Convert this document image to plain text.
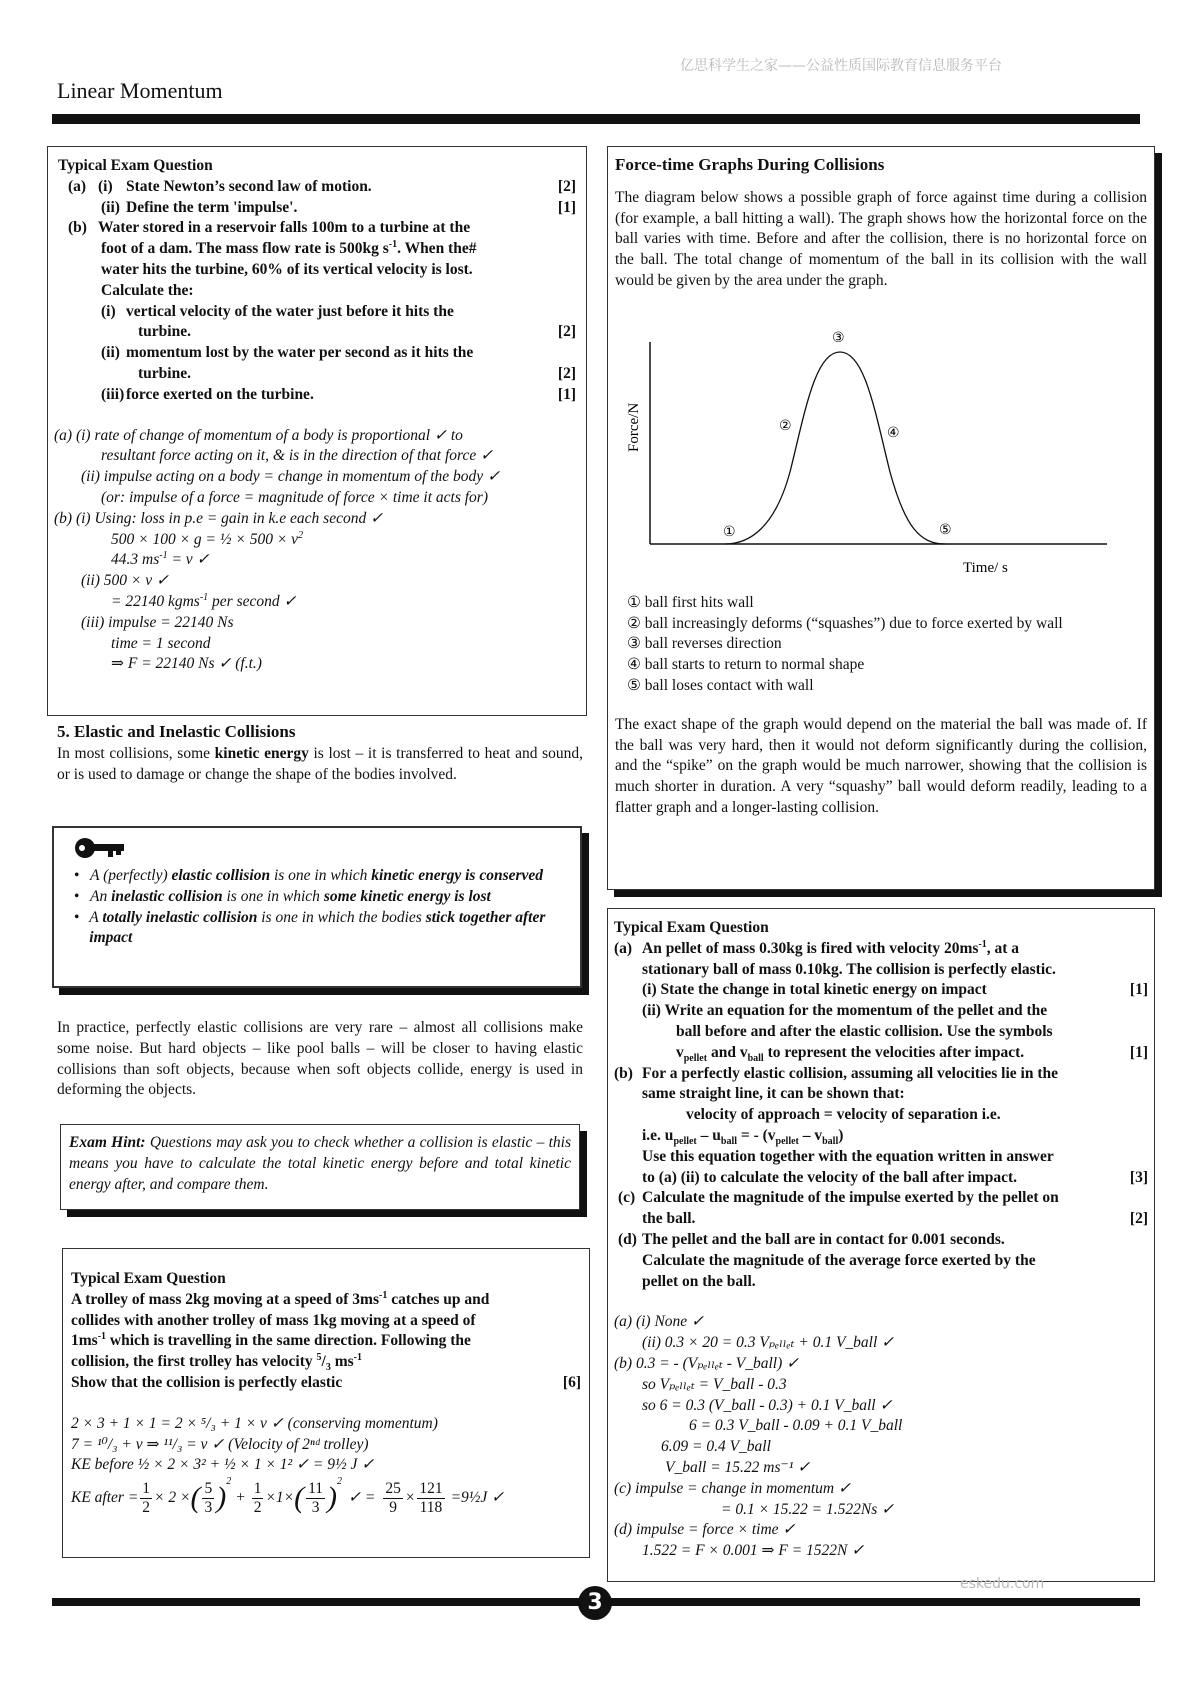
亿思科学生之家——公益性质国际教育信息服务平台
Linear Momentum
Typical Exam Question
(a) (i) State Newton’s second law of motion.	[2]
(ii) Define the term 'impulse'.	[1]
(b) Water stored in a reservoir falls 100m to a turbine at the
foot of a dam. The mass flow rate is 500kg $s^{-1}$. When the#
water hits the turbine, 60% of its vertical velocity is lost.
Calculate the:
(i) vertical velocity of the water just before it hits the
turbine.	[2]
(ii) momentum lost by the water per second as it hits the
turbine.	[2]
(iii) force exerted on the turbine.	[1]
(a) (i) rate of change of momentum of a body is proportional ✓ to
resultant force acting on it, & is in the direction of that force ✓
(ii) impulse acting on a body = change in momentum of the body ✓
(or: impulse of a force = magnitude of force × time it acts for)
(b) (i) Using: loss in p.e = gain in k.e each second ✓
500 × 100 × g = ½ × $500 \times v^2$
44.3 $ms^{-1} = v$ ✓
(ii) 500 × v ✓
= 22140 kgms$^{-1}$ per second ✓
(iii) impulse = 22140 Ns
time = 1 second
⇒ F = 22140 Ns ✓ (f.t.)
5. Elastic and Inelastic Collisions
In most collisions, some kinetic energy is lost – it is transferred to heat and sound, or is used to damage or change the shape of the bodies involved.
• A (perfectly) elastic collision is one in which kinetic energy is conserved
• An inelastic collision is one in which some kinetic energy is lost
• A totally inelastic collision is one in which the bodies stick together after impact
In practice, perfectly elastic collisions are very rare – almost all collisions make some noise. But hard objects – like pool balls – will be closer to having elastic collisions than soft objects, because when soft objects collide, energy is used in deforming the objects.
Exam Hint: Questions may ask you to check whether a collision is elastic – this means you have to calculate the total kinetic energy before and total kinetic energy after, and compare them.
Typical Exam Question
A trolley of mass 2kg moving at a speed of $3ms^{-1}$ catches up and
collides with another trolley of mass 1kg moving at a speed of
$1ms^{-1}$ which is travelling in the same direction. Following the
collision, the first trolley has velocity $^5/_3$ $ms^{-1}$
Show that the collision is perfectly elastic	[6]
2 × 3 + 1 × 1 = 2 × ⁵/₃ + 1 × v ✓ (conserving momentum)
7 = ¹⁰/₃ + v ⇒ ¹¹/₃ = v ✓ (Velocity of 2ⁿᵈ trolley)
KE before ½ × 2 × 3² + ½ × 1 × 1² ✓ = 9½ J ✓
KE after = $\frac{1}{2} \times 2$ × ( $\frac{5}{3}$ ) 2
+ $\frac{1}{2} \times 1\times$ ( $\frac{11}{3}$ ) 2
✓ = $\frac{25}{9} \times \frac{121}{118}$ =9½J ✓
Force-time Graphs During Collisions
The diagram below shows a possible graph of force against time during a collision (for example, a ball hitting a wall). The graph shows how the horizontal force on the ball varies with time. Before and after the collision, there is no horizontal force on the ball. The total change of momentum of the ball in its collision with the wall would be given by the area under the graph.
Force/N
Time/ s
①
②
③
④
⑤
① ball first hits wall
② ball increasingly deforms (“squashes”) due to force exerted by wall
③ ball reverses direction
④ ball starts to return to normal shape
⑤ ball loses contact with wall
The exact shape of the graph would depend on the material the ball was made of. If the ball was very hard, then it would not deform significantly during the collision, and the “spike” on the graph would be much narrower, showing that the collision is much shorter in duration. A very “squashy” ball would deform readily, leading to a flatter graph and a longer-lasting collision.
Typical Exam Question
(a) An pellet of mass 0.30kg is fired with velocity $20ms^{-1}$, at a
stationary ball of mass 0.10kg. The collision is perfectly elastic.
(i) State the change in total kinetic energy on impact	[1]
(ii) Write an equation for the momentum of the pellet and the
ball before and after the elastic collision. Use the symbols
$v_{pellet}$ and $v_{ball}$ to represent the velocities after impact.	[1]
(b) For a perfectly elastic collision, assuming all velocities lie in the
same straight line, it can be shown that:
velocity of approach = velocity of separation i.e.
i.e. $u_{pellet} - u_{ball}$ = - $(v_{pellet} - v_{ball})$
Use this equation together with the equation written in answer
to (a) (ii) to calculate the velocity of the ball after impact.	[3]
(c) Calculate the magnitude of the impulse exerted by the pellet on
the ball.	[2]
(d) The pellet and the ball are in contact for 0.001 seconds.
Calculate the magnitude of the average force exerted by the
pellet on the ball.
(a) (i) None ✓
(ii) 0.3 × 20 = 0.3 Vₚₑₗₗₑₜ + 0.1 V_ball ✓
(b) 0.3 = - (Vₚₑₗₗₑₜ - V_ball) ✓
so Vₚₑₗₗₑₜ = V_ball - 0.3
so 6 = 0.3 (V_ball - 0.3) + 0.1 V_ball ✓
6 = 0.3 V_ball - 0.09 + 0.1 V_ball
6.09 = 0.4 V_ball
V_ball = 15.22 ms⁻¹ ✓
(c) impulse = change in momentum ✓
= 0.1 × 15.22 = 1.522Ns ✓
(d) impulse = force × time ✓
1.522 = F × 0.001 ⇒ F = 1522N ✓
eskedu.com
3
